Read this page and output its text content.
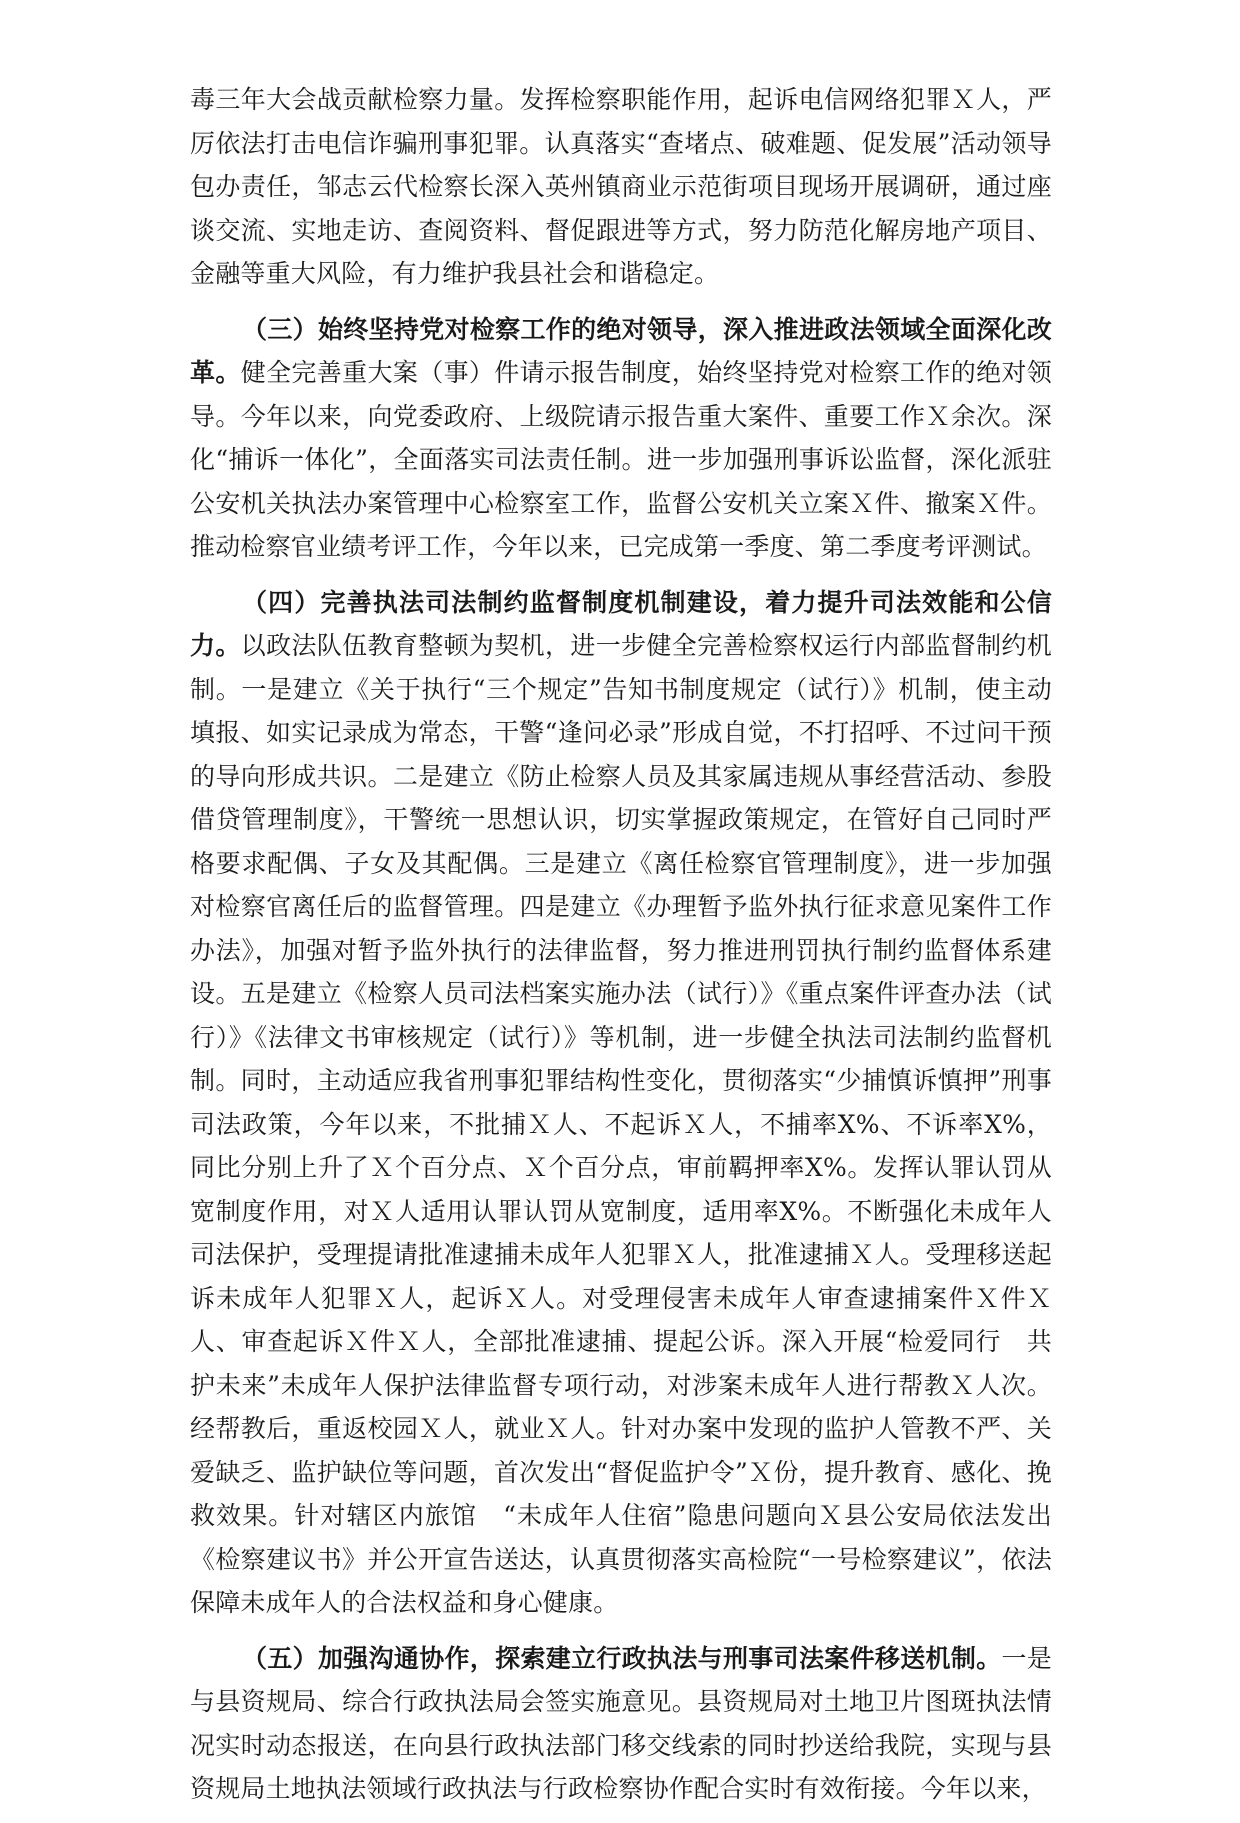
毒三年大会战贡献检察力量。发挥检察职能作用，起诉电信网络犯罪Ｘ人，严厉依法打击电信诈骗刑事犯罪。认真落实“查堵点、破难题、促发展”活动领导包办责任，邹志云代检察长深入英州镇商业示范街项目现场开展调研，通过座谈交流、实地走访、查阅资料、督促跟进等方式，努力防范化解房地产项目、金融等重大风险，有力维护我县社会和谐稳定。

（三）始终坚持党对检察工作的绝对领导，深入推进政法领域全面深化改革。健全完善重大案（事）件请示报告制度，始终坚持党对检察工作的绝对领导。今年以来，向党委政府、上级院请示报告重大案件、重要工作Ｘ余次。深化“捕诉一体化”，全面落实司法责任制。进一步加强刑事诉讼监督，深化派驻公安机关执法办案管理中心检察室工作，监督公安机关立案Ｘ件、撤案Ｘ件。推动检察官业绩考评工作，今年以来，已完成第一季度、第二季度考评测试。

（四）完善执法司法制约监督制度机制建设，着力提升司法效能和公信力。以政法队伍教育整顿为契机，进一步健全完善检察权运行内部监督制约机制。一是建立《关于执行“三个规定”告知书制度规定（试行）》机制，使主动填报、如实记录成为常态，干警“逢问必录”形成自觉，不打招呼、不过问干预的导向形成共识。二是建立《防止检察人员及其家属违规从事经营活动、参股借贷管理制度》，干警统一思想认识，切实掌握政策规定，在管好自己同时严格要求配偶、子女及其配偶。三是建立《离任检察官管理制度》，进一步加强对检察官离任后的监督管理。四是建立《办理暂予监外执行征求意见案件工作办法》，加强对暂予监外执行的法律监督，努力推进刑罚执行制约监督体系建设。五是建立《检察人员司法档案实施办法（试行）》《重点案件评查办法（试行）》《法律文书审核规定（试行）》等机制，进一步健全执法司法制约监督机制。同时，主动适应我省刑事犯罪结构性变化，贯彻落实“少捕慎诉慎押”刑事司法政策，今年以来，不批捕Ｘ人、不起诉Ｘ人，不捕率X%、不诉率X%，同比分别上升了Ｘ个百分点、Ｘ个百分点，审前羁押率X%。发挥认罪认罚从宽制度作用，对Ｘ人适用认罪认罚从宽制度，适用率X%。不断强化未成年人司法保护，受理提请批准逮捕未成年人犯罪Ｘ人，批准逮捕Ｘ人。受理移送起诉未成年人犯罪Ｘ人，起诉Ｘ人。对受理侵害未成年人审查逮捕案件Ｘ件Ｘ人、审查起诉Ｘ件Ｘ人，全部批准逮捕、提起公诉。深入开展“检爱同行　共护未来”未成年人保护法律监督专项行动，对涉案未成年人进行帮教Ｘ人次。经帮教后，重返校园Ｘ人，就业Ｘ人。针对办案中发现的监护人管教不严、关爱缺乏、监护缺位等问题，首次发出“督促监护令”Ｘ份，提升教育、感化、挽救效果。针对辖区内旅馆　“未成年人住宿”隐患问题向Ｘ县公安局依法发出《检察建议书》并公开宣告送达，认真贯彻落实高检院“一号检察建议”，依法保障未成年人的合法权益和身心健康。

（五）加强沟通协作，探索建立行政执法与刑事司法案件移送机制。一是与县资规局、综合行政执法局会签实施意见。县资规局对土地卫片图斑执法情况实时动态报送，在向县行政执法部门移交线索的同时抄送给我院，实现与县资规局土地执法领域行政执法与行政检察协作配合实时有效衔接。今年以来，
